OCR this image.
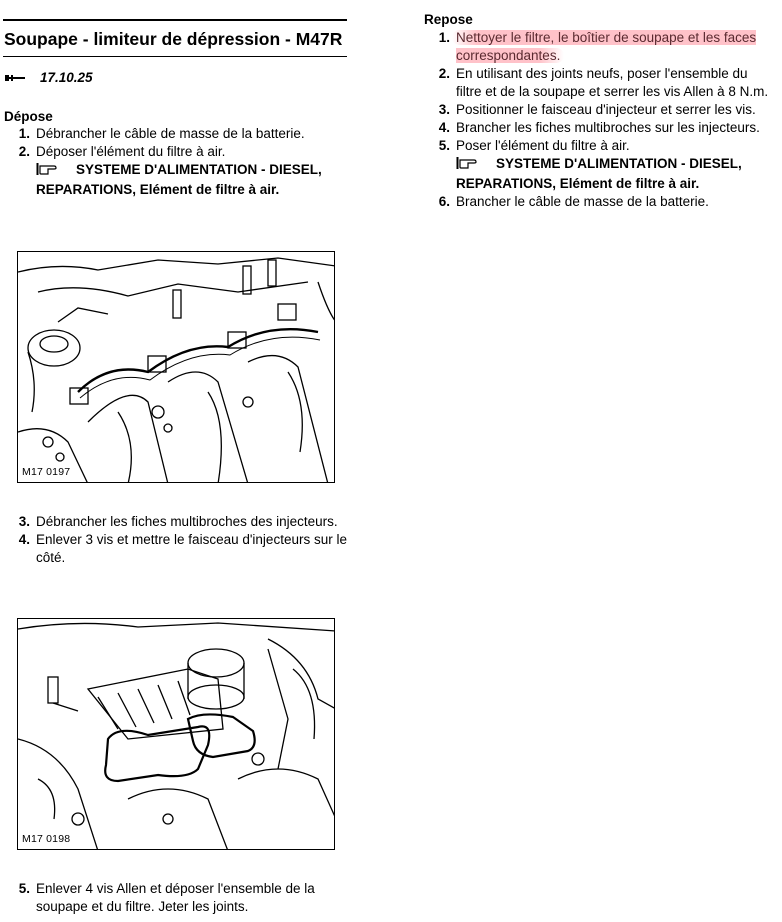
Soupape - limiteur de dépression - M47R
17.10.25
Dépose
1. Débrancher le câble de masse de la batterie.
2. Déposer l'élément du filtre à air.
SYSTEME D'ALIMENTATION - DIESEL, REPARATIONS, Elément de filtre à air.
M17 0197
3. Débrancher les fiches multibroches des injecteurs.
4. Enlever 3 vis et mettre le faisceau d'injecteurs sur le côté.
M17 0198
5. Enlever 4 vis Allen et déposer l'ensemble de la soupape et du filtre. Jeter les joints.
Repose
1. Nettoyer le filtre, le boîtier de soupape et les faces correspondantes.
2. En utilisant des joints neufs, poser l'ensemble du filtre et de la soupape et serrer les vis Allen à 8 N.m.
3. Positionner le faisceau d'injecteur et serrer les vis.
4. Brancher les fiches multibroches sur les injecteurs.
5. Poser l'élément du filtre à air.
SYSTEME D'ALIMENTATION - DIESEL, REPARATIONS, Elément de filtre à air.
6. Brancher le câble de masse de la batterie.
